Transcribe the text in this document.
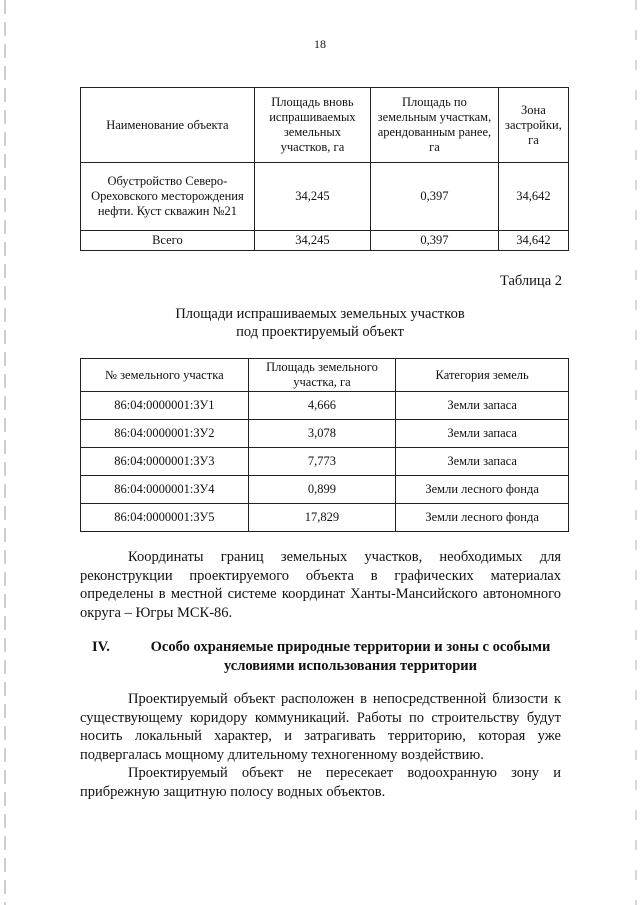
18
Наименование объекта	Площадь вновь испрашиваемых земельных участков, га	Площадь по земельным участкам, арендованным ранее, га	Зона застройки, га
Обустройство Северо-Ореховского месторождения нефти. Куст скважин №21	34,245	0,397	34,642
Всего	34,245	0,397	34,642
Таблица 2
Площади испрашиваемых земельных участков
под проектируемый объект
№ земельного участка	Площадь земельного участка, га	Категория земель
86:04:0000001:ЗУ1	4,666	Земли запаса
86:04:0000001:ЗУ2	3,078	Земли запаса
86:04:0000001:ЗУ3	7,773	Земли запаса
86:04:0000001:ЗУ4	0,899	Земли лесного фонда
86:04:0000001:ЗУ5	17,829	Земли лесного фонда

Координаты границ земельных участков, необходимых для реконструкции проектируемого объекта в графических материалах определены в местной системе координат Ханты-Мансийского автономного округа – Югры МСК-86.

IV.	Особо охраняемые природные территории и зоны с особыми условиями использования территории

Проектируемый объект расположен в непосредственной близости к существующему коридору коммуникаций. Работы по строительству будут носить локальный характер, и затрагивать территорию, которая уже подвергалась мощному длительному техногенному воздействию.

Проектируемый объект не пересекает водоохранную зону и прибрежную защитную полосу водных объектов.
